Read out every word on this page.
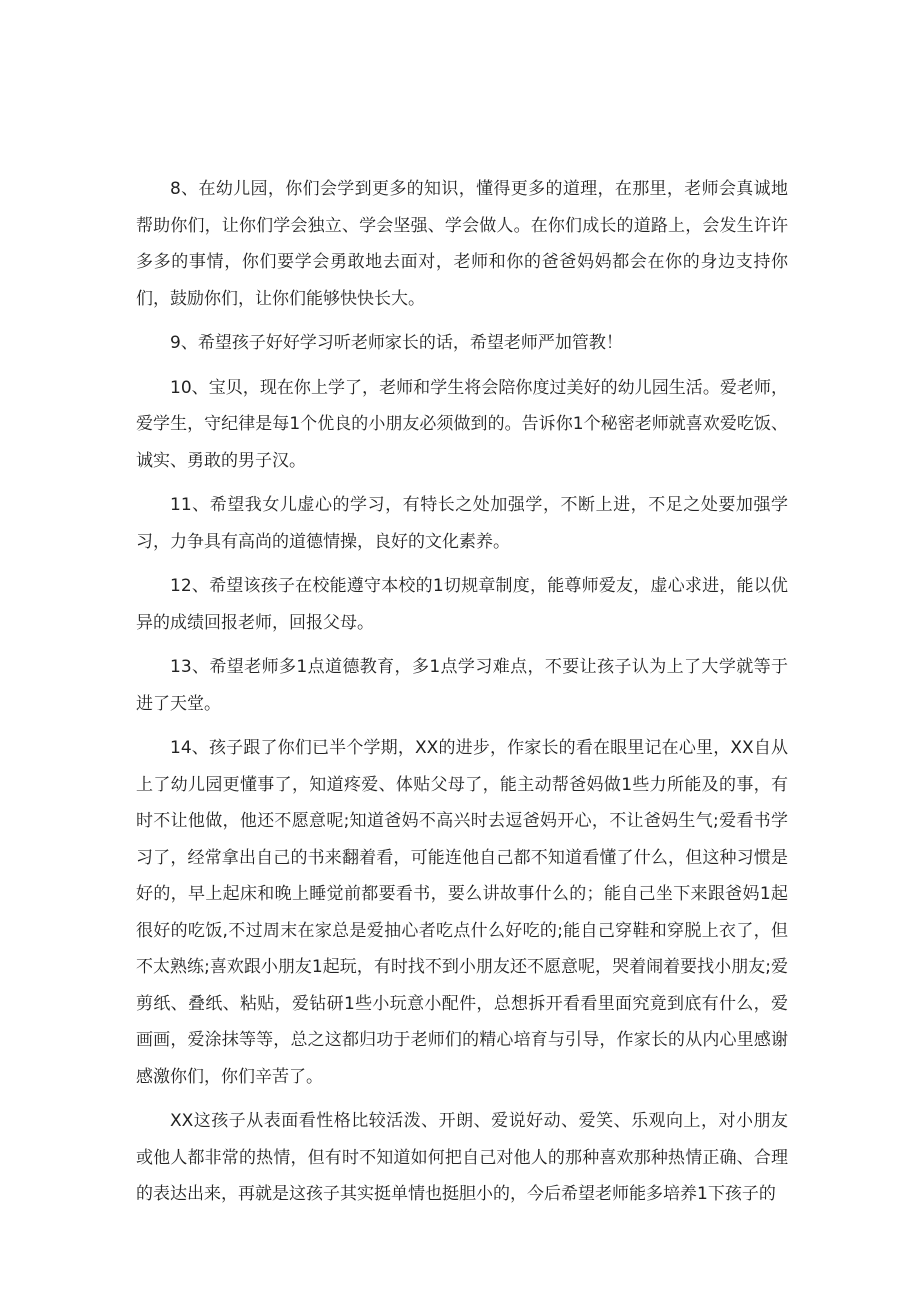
8、在幼儿园，你们会学到更多的知识，懂得更多的道理，在那里，老师会真诚地帮助你们，让你们学会独立、学会坚强、学会做人。在你们成长的道路上，会发生许许多多的事情，你们要学会勇敢地去面对，老师和你的爸爸妈妈都会在你的身边支持你们，鼓励你们，让你们能够快快长大。

9、希望孩子好好学习听老师家长的话，希望老师严加管教！

10、宝贝，现在你上学了，老师和学生将会陪你度过美好的幼儿园生活。爱老师，爱学生，守纪律是每1个优良的小朋友必须做到的。告诉你1个秘密老师就喜欢爱吃饭、诚实、勇敢的男子汉。

11、希望我女儿虚心的学习，有特长之处加强学，不断上进，不足之处要加强学习，力争具有高尚的道德情操，良好的文化素养。

12、希望该孩子在校能遵守本校的1切规章制度，能尊师爱友，虚心求进，能以优异的成绩回报老师，回报父母。

13、希望老师多1点道德教育，多1点学习难点，不要让孩子认为上了大学就等于进了天堂。

14、孩子跟了你们已半个学期，XX的进步，作家长的看在眼里记在心里，XX自从上了幼儿园更懂事了，知道疼爱、体贴父母了，能主动帮爸妈做1些力所能及的事，有时不让他做，他还不愿意呢;知道爸妈不高兴时去逗爸妈开心，不让爸妈生气;爱看书学习了，经常拿出自己的书来翻着看，可能连他自己都不知道看懂了什么，但这种习惯是好的，早上起床和晚上睡觉前都要看书，要么讲故事什么的；能自己坐下来跟爸妈1起很好的吃饭,不过周末在家总是爱抽心者吃点什么好吃的;能自己穿鞋和穿脱上衣了，但不太熟练;喜欢跟小朋友1起玩，有时找不到小朋友还不愿意呢，哭着闹着要找小朋友;爱剪纸、叠纸、粘贴，爱钻研1些小玩意小配件，总想拆开看看里面究竟到底有什么，爱画画，爱涂抹等等，总之这都归功于老师们的精心培育与引导，作家长的从内心里感谢感激你们，你们辛苦了。

XX这孩子从表面看性格比较活泼、开朗、爱说好动、爱笑、乐观向上，对小朋友或他人都非常的热情，但有时不知道如何把自己对他人的那种喜欢那种热情正确、合理的表达出来，再就是这孩子其实挺单情也挺胆小的，今后希望老师能多培养1下孩子的
